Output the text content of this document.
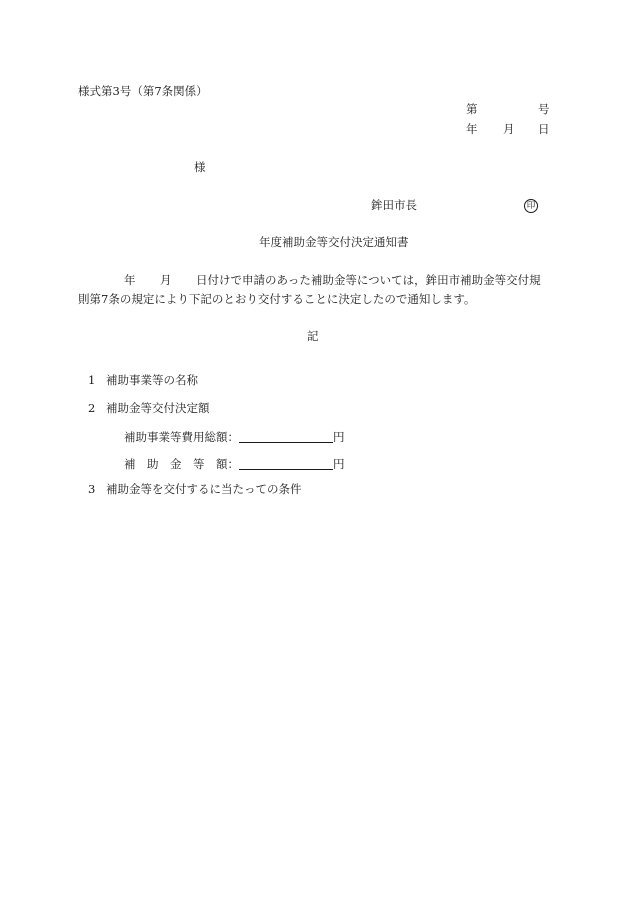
様式第3号（第7条関係）
第	号
年 月 日
様
鉾田市長	印
年度補助金等交付決定通知書
年 月 日付けで申請のあった補助金等については，鉾田市補助金等交付規
則第7条の規定により下記のとおり交付することに決定したので通知します。
記
1 補助事業等の名称
2 補助金等交付決定額
補助事業等費用総額：	円
補　助　金　等　額：	円
3 補助金等を交付するに当たっての条件
